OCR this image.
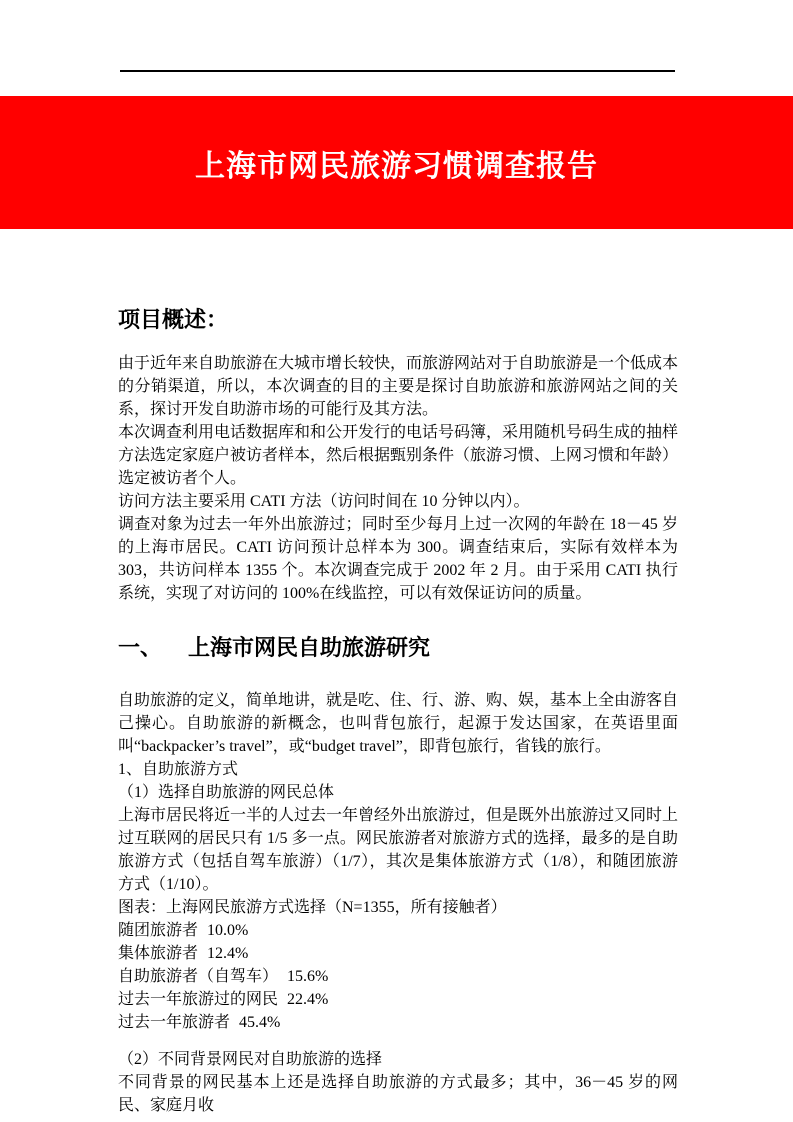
上海市网民旅游习惯调查报告
项目概述：

由于近年来自助旅游在大城市增长较快，而旅游网站对于自助旅游是一个低成本的分销渠道，所以，本次调查的目的主要是探讨自助旅游和旅游网站之间的关系，探讨开发自助游市场的可能行及其方法。

本次调查利用电话数据库和和公开发行的电话号码簿，采用随机号码生成的抽样方法选定家庭户被访者样本，然后根据甄别条件（旅游习惯、上网习惯和年龄）选定被访者个人。

访问方法主要采用 CATI 方法（访问时间在 10 分钟以内）。

调查对象为过去一年外出旅游过；同时至少每月上过一次网的年龄在 18－45 岁的上海市居民。CATI 访问预计总样本为 300。调查结束后，实际有效样本为 303，共访问样本 1355 个。本次调查完成于 2002 年 2 月。由于采用 CATI 执行系统，实现了对访问的 100%在线监控，可以有效保证访问的质量。

一、 上海市网民自助旅游研究

自助旅游的定义，简单地讲，就是吃、住、行、游、购、娱，基本上全由游客自己操心。自助旅游的新概念，也叫背包旅行，起源于发达国家，在英语里面叫“backpacker’s travel”，或“budget travel”，即背包旅行，省钱的旅行。

1、自助旅游方式
（1）选择自助旅游的网民总体

上海市居民将近一半的人过去一年曾经外出旅游过，但是既外出旅游过又同时上过互联网的居民只有 1/5 多一点。网民旅游者对旅游方式的选择，最多的是自助旅游方式（包括自驾车旅游）（1/7），其次是集体旅游方式（1/8），和随团旅游方式（1/10）。

图表：上海网民旅游方式选择（N=1355，所有接触者）
随团旅游者 10.0%
集体旅游者 12.4%
自助旅游者（自驾车） 15.6%
过去一年旅游过的网民 22.4%
过去一年旅游者 45.4%
（2）不同背景网民对自助旅游的选择

不同背景的网民基本上还是选择自助旅游的方式最多；其中，36－45 岁的网民、家庭月收
